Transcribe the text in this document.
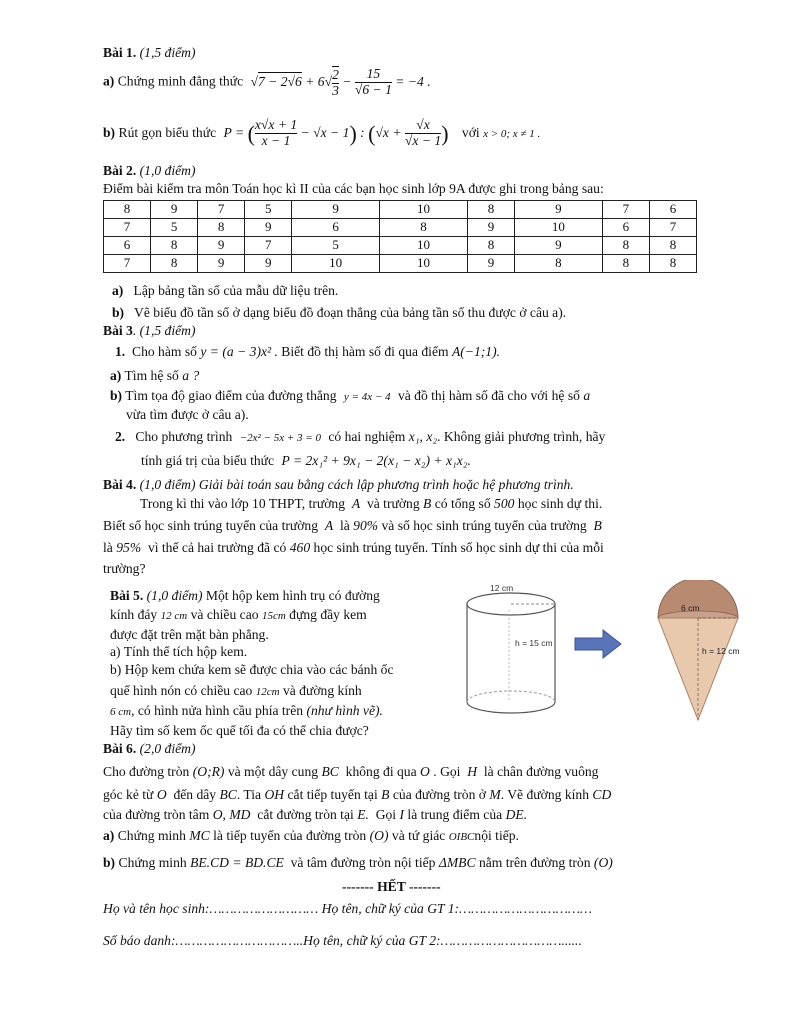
Bài 1. (1,5 điểm)
a) Chứng minh đẳng thức $√7 - 2√6 + 6√ \frac{2}{3} - \frac{15}{√6 - 1} = -4$ .
b) Rút gọn biểu thức P = ( $\frac{x√x + 1}{x - 1} - √x - 1$) : ($√x + \frac{√x}{√x - 1}$ ) với x > 0; x ≠ 1 .
Bài 2. (1,0 điểm)
Điểm bài kiểm tra môn Toán học kì II của các bạn học sinh lớp 9A được ghi trong bảng sau:
8	9	7	5	9	10	8	9	7	6
7	5	8	9	6	8	9	10	6	7
6	8	9	7	5	10	8	9	8	8
7	8	9	9	10	10	9	8	8	8
a) Lập bảng tần số của mẫu dữ liệu trên.
b) Vẽ biểu đồ tần số ở dạng biểu đồ đoạn thẳng của bảng tần số thu được ở câu a).
Bài 3. (1,5 điểm)
1. Cho hàm số y = (a − 3)x² . Biết đồ thị hàm số đi qua điểm A(−1;1).
a) Tìm hệ số a ?
b) Tìm tọa độ giao điểm của đường thẳng y = 4x − 4 và đồ thị hàm số đã cho với hệ số a
vừa tìm được ở câu a).
2. Cho phương trình −2x² − 5x + 3 = 0 có hai nghiệm x₁, x₂. Không giải phương trình, hãy
tính giá trị của biểu thức P = 2x₁² + 9x₁ − 2(x₁ − x₂) + x₁x₂.
Bài 4. (1,0 điểm) Giải bài toán sau bằng cách lập phương trình hoặc hệ phương trình.
Trong kì thi vào lớp 10 THPT, trường A và trường B có tổng số 500 học sinh dự thi.
Biết số học sinh trúng tuyển của trường A là 90% và số học sinh trúng tuyển của trường B
là 95% vì thế cả hai trường đã có 460 học sinh trúng tuyển. Tính số học sinh dự thi của mỗi
trường?
Bài 5. (1,0 điểm) Một hộp kem hình trụ có đường
kính đáy 12 cm và chiều cao 15cm đựng đầy kem
được đặt trên mặt bàn phẳng.
a) Tính thể tích hộp kem.
b) Hộp kem chứa kem sẽ được chia vào các bánh ốc
quế hình nón có chiều cao 12cm và đường kính
6 cm, có hình nửa hình cầu phía trên (như hình vẽ).
Hãy tìm số kem ốc quế tối đa có thể chia được?
12 cm
h = 15 cm
6 cm
h = 12 cm
Bài 6. (2,0 điểm)
Cho đường tròn (O;R) và một dây cung BC không đi qua O . Gọi H là chân đường vuông
góc kẻ từ O đến dây BC. Tia OH cắt tiếp tuyến tại B của đường tròn ở M. Vẽ đường kính CD
của đường tròn tâm O, MD cắt đường tròn tại E. Gọi I là trung điểm của DE.
a) Chứng minh MC là tiếp tuyến của đường tròn (O) và tứ giác OIBCnội tiếp.
b) Chứng minh BE.CD = BD.CE và tâm đường tròn nội tiếp ΔMBC nằm trên đường tròn (O)
------- HẾT -------
Họ và tên học sinh:……………………… Họ tên, chữ ký của GT 1:……………………………
Số báo danh:…………………………..Họ tên, chữ ký của GT 2:…………………………......
